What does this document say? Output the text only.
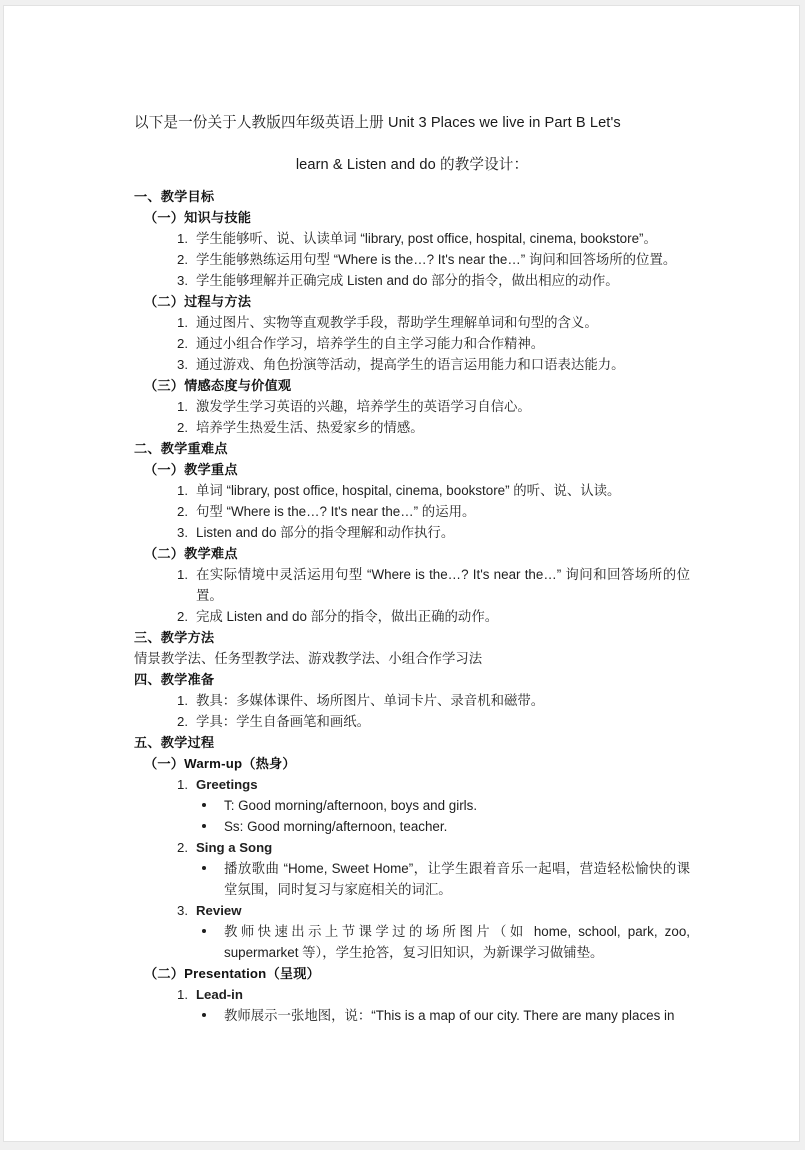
以下是一份关于人教版四年级英语上册 Unit 3 Places we live in Part B Let's
learn & Listen and do 的教学设计：
一、教学目标
（一）知识与技能
1. 学生能够听、说、认读单词 “library, post office, hospital, cinema, bookstore”。
2. 学生能够熟练运用句型 “Where is the…? It's near the…” 询问和回答场所的位置。
3. 学生能够理解并正确完成 Listen and do 部分的指令，做出相应的动作。
（二）过程与方法
1. 通过图片、实物等直观教学手段，帮助学生理解单词和句型的含义。
2. 通过小组合作学习，培养学生的自主学习能力和合作精神。
3. 通过游戏、角色扮演等活动，提高学生的语言运用能力和口语表达能力。
（三）情感态度与价值观
1. 激发学生学习英语的兴趣，培养学生的英语学习自信心。
2. 培养学生热爱生活、热爱家乡的情感。
二、教学重难点
（一）教学重点
1. 单词 “library, post office, hospital, cinema, bookstore” 的听、说、认读。
2. 句型 “Where is the…? It's near the…” 的运用。
3. Listen and do 部分的指令理解和动作执行。
（二）教学难点
1. 在实际情境中灵活运用句型 “Where is the…? It's near the…” 询问和回答场所的位置。
2. 完成 Listen and do 部分的指令，做出正确的动作。
三、教学方法
情景教学法、任务型教学法、游戏教学法、小组合作学习法
四、教学准备
1. 教具：多媒体课件、场所图片、单词卡片、录音机和磁带。
2. 学具：学生自备画笔和画纸。
五、教学过程
（一）Warm-up（热身）
1. Greetings
T: Good morning/afternoon, boys and girls.
Ss: Good morning/afternoon, teacher.
2. Sing a Song
播放歌曲 “Home, Sweet Home”，让学生跟着音乐一起唱，营造轻松愉快的课堂氛围，同时复习与家庭相关的词汇。
3. Review
教师快速出示上节课学过的场所图片（如 home, school, park, zoo, supermarket 等），学生抢答，复习旧知识，为新课学习做铺垫。
（二）Presentation（呈现）
1. Lead-in
教师展示一张地图，说：“This is a map of our city. There are many places in
